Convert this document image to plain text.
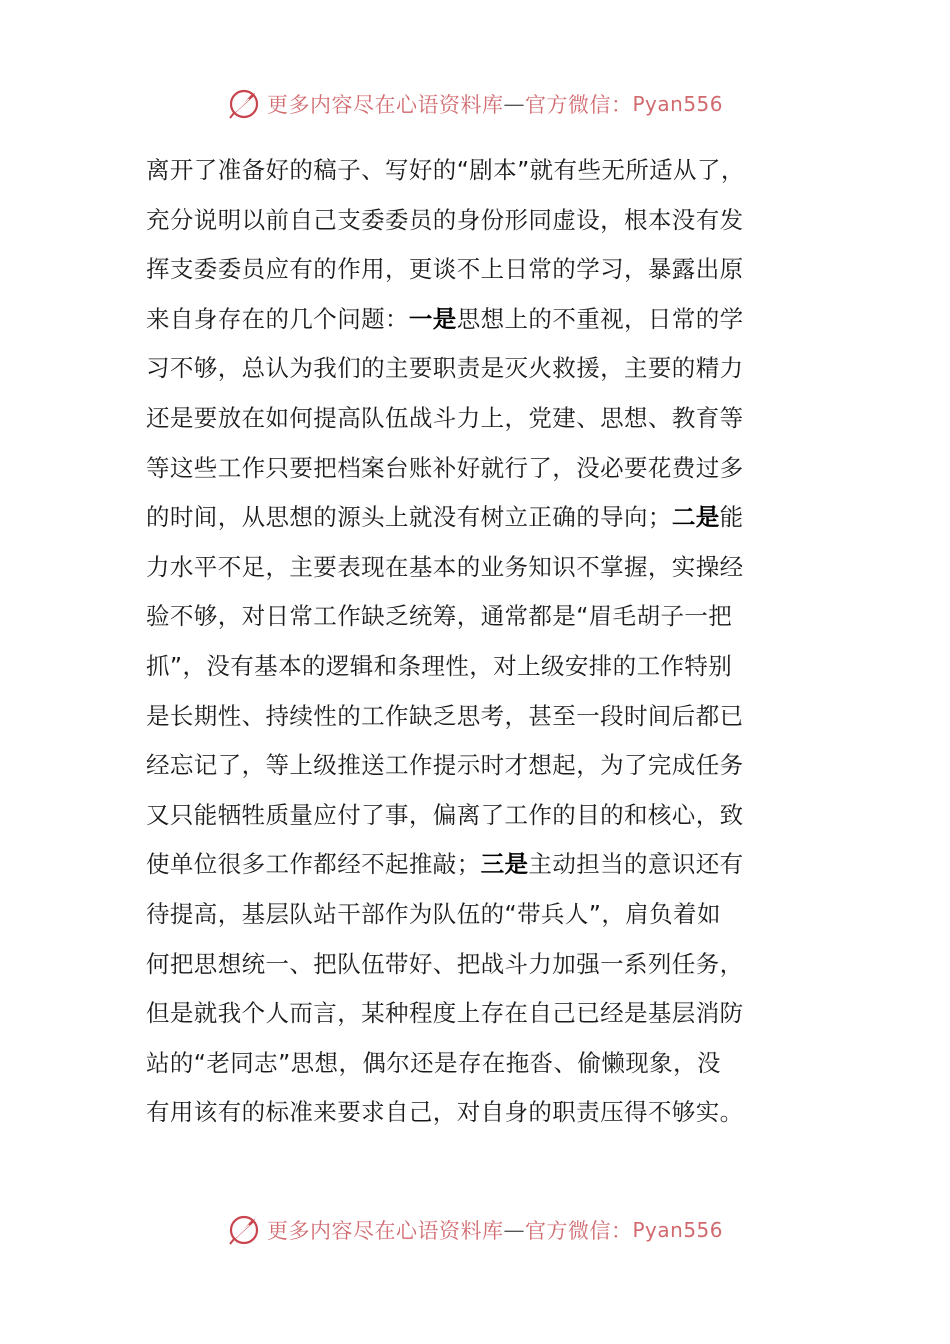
更多内容尽在心语资料库 — 官方微信： Pyan556
离开了准备好的稿子、写好的“剧本”就有些无所适从了，
充分说明以前自己支委委员的身份形同虚设，根本没有发
挥支委委员应有的作用，更谈不上日常的学习，暴露出原
来自身存在的几个问题：一是思想上的不重视，日常的学
习不够，总认为我们的主要职责是灭火救援，主要的精力
还是要放在如何提高队伍战斗力上，党建、思想、教育等
等这些工作只要把档案台账补好就行了，没必要花费过多
的时间，从思想的源头上就没有树立正确的导向；二是能
力水平不足，主要表现在基本的业务知识不掌握，实操经
验不够，对日常工作缺乏统筹，通常都是“眉毛胡子一把
抓”，没有基本的逻辑和条理性，对上级安排的工作特别
是长期性、持续性的工作缺乏思考，甚至一段时间后都已
经忘记了，等上级推送工作提示时才想起，为了完成任务
又只能牺牲质量应付了事，偏离了工作的目的和核心，致
使单位很多工作都经不起推敲；三是主动担当的意识还有
待提高，基层队站干部作为队伍的“带兵人”，肩负着如
何把思想统一、把队伍带好、把战斗力加强一系列任务，
但是就我个人而言，某种程度上存在自己已经是基层消防
站的“老同志”思想，偶尔还是存在拖沓、偷懒现象，没
有用该有的标准来要求自己，对自身的职责压得不够实。
更多内容尽在心语资料库 — 官方微信： Pyan556
